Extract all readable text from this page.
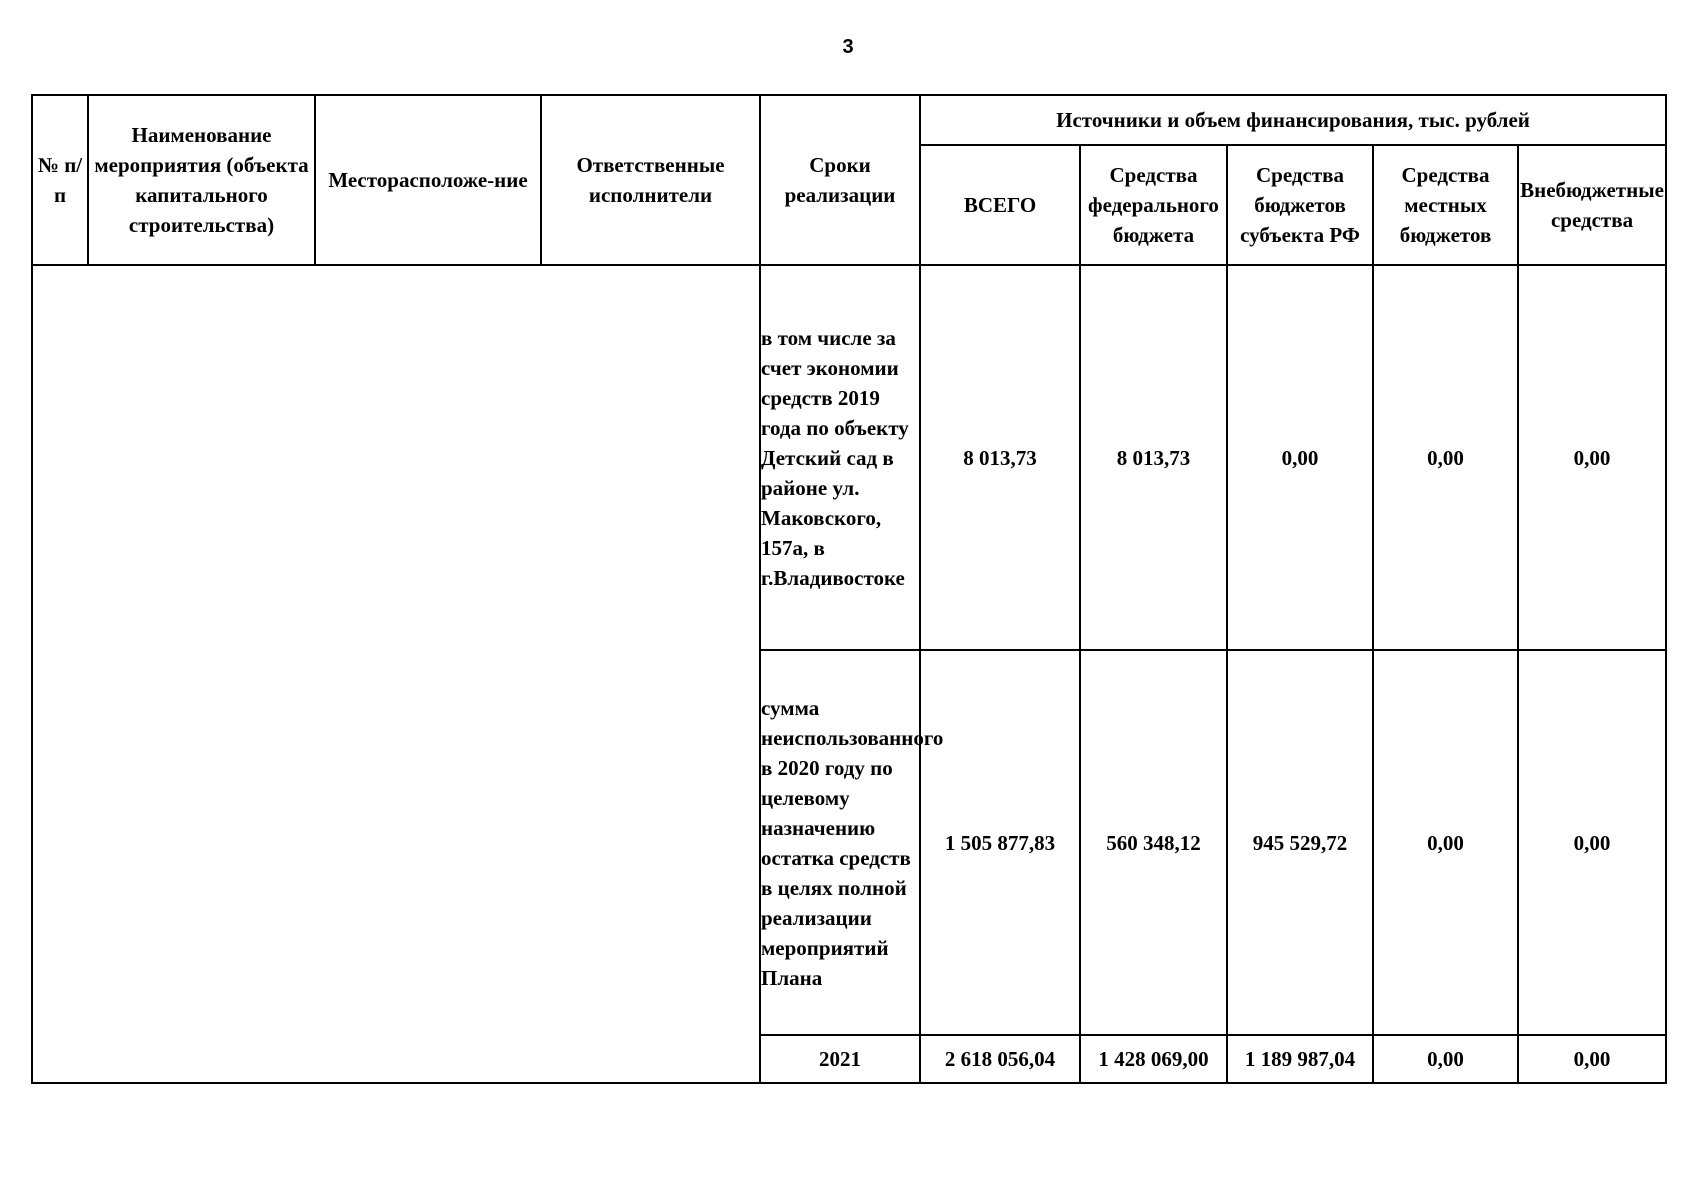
3
№ п/п	Наименование мероприятия (объекта капитального строительства)	Месторасположе-ние	Ответственные исполнители	Сроки реализации	Источники и объем финансирования, тыс. рублей				
					ВСЕГО	Средства федерального бюджета	Средства бюджетов субъекта РФ	Средства местных бюджетов	Внебюджетные средства
				в том числе за счет экономии средств 2019 года по объекту Детский сад в районе ул. Маковского, 157а, в г.Владивостоке	8 013,73	8 013,73	0,00	0,00	0,00
				сумма неиспользованного в 2020 году по целевому назначению остатка средств в целях полной реализации мероприятий Плана	1 505 877,83	560 348,12	945 529,72	0,00	0,00
				2021	2 618 056,04	1 428 069,00	1 189 987,04	0,00	0,00
